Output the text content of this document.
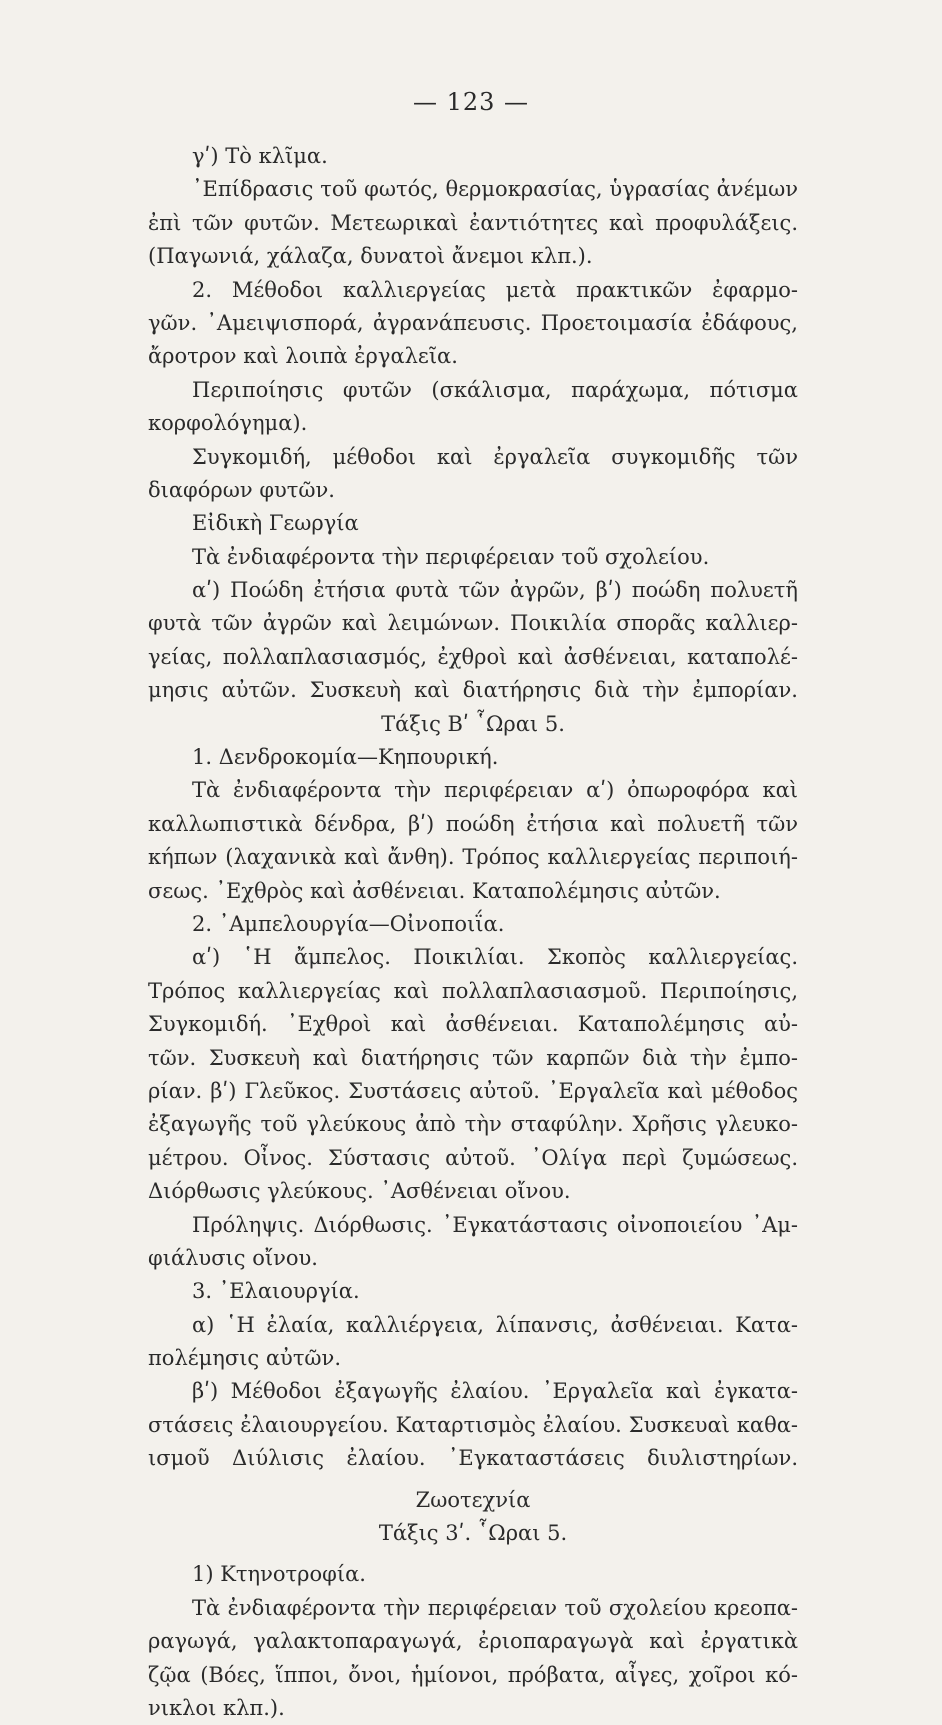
— 123 —
γʹ) Τὸ κλῖμα.
᾽Επίδρασις τοῦ φωτός, θερμοκρασίας, ὑγρασίας ἀνέμων
ἐπὶ τῶν φυτῶν. Μετεωρικαὶ ἐαντιότητες καὶ προφυλάξεις.
(Παγωνιά, χάλαζα, δυνατοὶ ἄνεμοι κλπ.).
2. Μέθοδοι καλλιεργείας μετὰ πρακτικῶν ἐφαρμο-
γῶν. ᾽Αμειψισπορά, ἀγρανάπευσις. Προετοιμασία ἐδάφους,
ἄροτρον καὶ λοιπὰ ἐργαλεῖα.
Περιποίησις φυτῶν (σκάλισμα, παράχωμα, πότισμα
κορφολόγημα).
Συγκομιδή, μέθοδοι καὶ ἐργαλεῖα συγκομιδῆς τῶν
διαφόρων φυτῶν.
Εἰδικὴ Γεωργία
Τὰ ἐνδιαφέροντα τὴν περιφέρειαν τοῦ σχολείου.
αʹ) Ποώδη ἐτήσια φυτὰ τῶν ἀγρῶν, βʹ) ποώδη πολυετῆ
φυτὰ τῶν ἀγρῶν καὶ λειμώνων. Ποικιλία σπορᾶς καλλιερ-
γείας, πολλαπλασιασμός, ἐχθροὶ καὶ ἀσθένειαι, καταπολέ-
μησις αὐτῶν. Συσκευὴ καὶ διατήρησις διὰ τὴν ἐμπορίαν.
Τάξις Βʹ ῟Ωραι 5.
1. Δενδροκομία—Κηπουρική.
Τὰ ἐνδιαφέροντα τὴν περιφέρειαν αʹ) ὀπωροφόρα καὶ
καλλωπιστικὰ δένδρα, βʹ) ποώδη ἐτήσια καὶ πολυετῆ τῶν
κήπων (λαχανικὰ καὶ ἄνθη). Τρόπος καλλιεργείας περιποιή-
σεως. ᾽Εχθρὸς καὶ ἀσθένειαι. Καταπολέμησις αὐτῶν.
2. ᾽Αμπελουργία—Οἰνοποιΐα.
αʹ) ῾Η ἄμπελος. Ποικιλίαι. Σκοπὸς καλλιεργείας.
Τρόπος καλλιεργείας καὶ πολλαπλασιασμοῦ. Περιποίησις,
Συγκομιδή. ᾽Εχθροὶ καὶ ἀσθένειαι. Καταπολέμησις αὐ-
τῶν. Συσκευὴ καὶ διατήρησις τῶν καρπῶν διὰ τὴν ἐμπο-
ρίαν. βʹ) Γλεῦκος. Συστάσεις αὐτοῦ. ᾽Εργαλεῖα καὶ μέθοδος
ἐξαγωγῆς τοῦ γλεύκους ἀπὸ τὴν σταφύλην. Χρῆσις γλευκο-
μέτρου. Οἶνος. Σύστασις αὐτοῦ. ᾽Ολίγα περὶ ζυμώσεως.
Διόρθωσις γλεύκους. ᾽Ασθένειαι οἴνου.
Πρόληψις. Διόρθωσις. ᾽Εγκατάστασις οἰνοποιείου ᾽Αμ-
φιάλυσις οἴνου.
3. ᾽Ελαιουργία.
α) ῾Η ἐλαία, καλλιέργεια, λίπανσις, ἀσθένειαι. Κατα-
πολέμησις αὐτῶν.
βʹ) Μέθοδοι ἐξαγωγῆς ἐλαίου. ᾽Εργαλεῖα καὶ ἐγκατα-
στάσεις ἐλαιουργείου. Καταρτισμὸς ἐλαίου. Συσκευαὶ καθα-
ισμοῦ Διύλισις ἐλαίου. ᾽Εγκαταστάσεις διυλιστηρίων.
Ζωοτεχνία
Τάξις 3ʹ. ῟Ωραι 5.
1) Κτηνοτροφία.
Τὰ ἐνδιαφέροντα τὴν περιφέρειαν τοῦ σχολείου κρεοπα-
ραγωγά, γαλακτοπαραγωγά, ἐριοπαραγωγὰ καὶ ἐργατικὰ
ζῷα (Βόες, ἵπποι, ὄνοι, ἡμίονοι, πρόβατα, αἶγες, χοῖροι κό-
νικλοι κλπ.).
